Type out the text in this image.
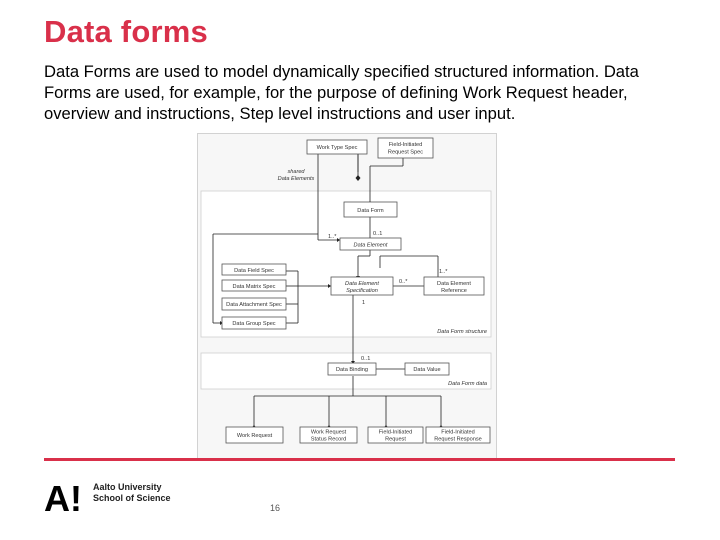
Data forms

Data Forms are used to model dynamically specified structured information. Data Forms are used, for example, for the purpose of defining Work Request header, overview and instructions, Step level instructions and user input.

Work Type Spec	Field-Initiated
Request Spec
shared
Data Elements
Data Form
Data Element
Data Field Spec
Data Matrix Spec
Data Attachment Spec
Data Group Spec
Data Element
Specification
Data Element
Reference
Data Form structure
Data Binding	Data Value
Data Form data
Work Request
Work Request
Status Record
Field-Initiated
Request
Field-Initiated
Request Response
1..*	0..1
1..*
0..*
1
0..1
A! Aalto University
School of Science
16
